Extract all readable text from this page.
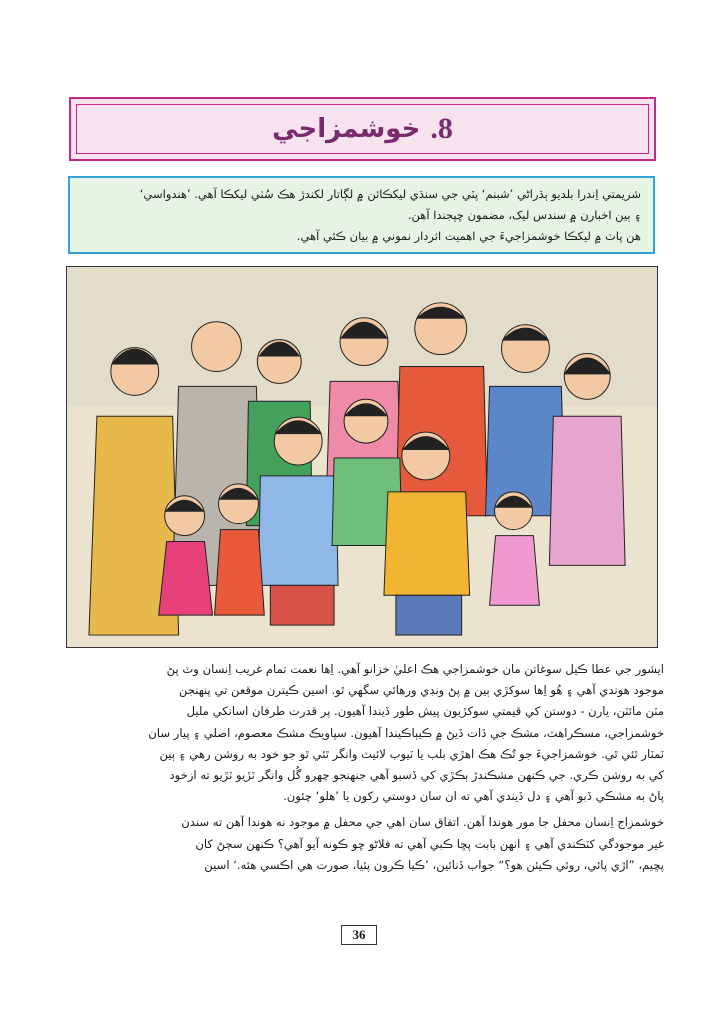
8.
خوشمزاجي
شريمتي اِندرا بلديو ٻڌراڻي ’شبنم‘ پٽي جي سنڌي ليکڪائن ۾ لڳاتار لکندڙ هڪ سُٺي ليکڪا آهي. ’هندواسي‘
۽ ٻين اخبارن ۾ سندس ليک، مضمون ڇپجندا آهن.
هن پاٺ ۾ ليکڪا خوشمزاجيءَ جي اهميت اثردار نموني ۾ بيان ڪئي آهي.

ايشور جي عطا ڪيل سوغاتن مان خوشمزاجي هڪ اعليٰ خزانو آهي. اِها نعمت تمام غريب اِنسان وٽ پڻ

موجود هوندي آهي ۽ هُو اِها سوکڙي ٻين ۾ پڻ ونڊي ورهائي سگهي ٿو. اسين ڪيترن موقعن تي پنهنجن

مٽن مائٽن، يارن - دوستن کي قيمتي سوکڙيون پيش طور ڏيندا آهيون. پر قدرت طرفان اسانکي مليل

خوشمزاجي، مسڪراهٽ، مشڪ جي ڏات ڏيڻ ۾ ڪيٻاڪيندا آهيون. سپاويڪ مشڪ معصوم، اصلي ۽ پيار سان

ٽمٽار ٿئي ٿي. خوشمزاجيءَ جو تُڪ هڪ اهڙي بلب يا ٽيوب لائيٽ وانگر ٿئي ٿو جو خود به روشن رهي ۽ ٻين

کي به روشن ڪري. جي ڪنهن مشڪندڙ ٻڪڙي کي ڏسبو آهي جنهنجو چهرو گُل وانگر ٽڙيو ٽڙيو ته ازخود

پاڻ به مشڪي ڏبو آهي ۽ دل ڏيندي آهي ته ان سان دوستي رکون يا ’هلو‘ چئون.

خوشمزاج اِنسان محفل جا مور هوندا آهن. اتفاق سان اهي جي محفل ۾ موجود نه هوندا آهن ته سندن

غير موجودگي کٽڪندي آهي ۽ انهن بابت پڇا ڪبي آهي ته فلاڻو ڇو ڪونه آيو آهي؟ ڪنهن سڄڻ کان

پڇيم، ”اڙي پائي، روئي ڪيئن هو؟“ جواب ڏنائين، ’ڪيا ڪرون پئيا، صورت هي اڪسي هئه.‘ اسين

36
